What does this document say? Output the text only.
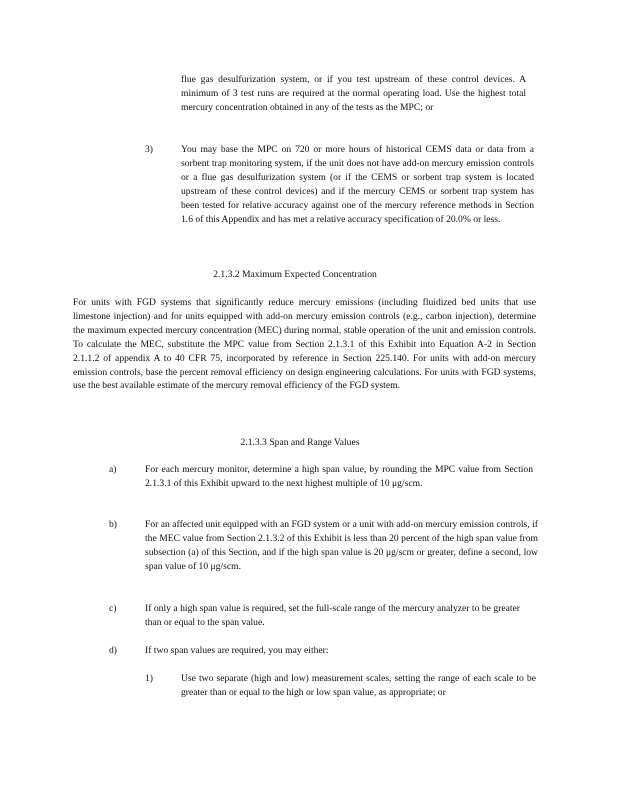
flue gas desulfurization system, or if you test upstream of these control devices. A minimum of 3 test runs are required at the normal operating load. Use the highest total mercury concentration obtained in any of the tests as the MPC; or

3)	You may base the MPC on 720 or more hours of historical CEMS data or data from a sorbent trap monitoring system, if the unit does not have add-on mercury emission controls or a flue gas desulfurization system (or if the CEMS or sorbent trap system is located upstream of these control devices) and if the mercury CEMS or sorbent trap system has been tested for relative accuracy against one of the mercury reference methods in Section 1.6 of this Appendix and has met a relative accuracy specification of 20.0% or less.

2.1.3.2 Maximum Expected Concentration

For units with FGD systems that significantly reduce mercury emissions (including fluidized bed units that use limestone injection) and for units equipped with add-on mercury emission controls (e.g., carbon injection), determine the maximum expected mercury concentration (MEC) during normal, stable operation of the unit and emission controls. To calculate the MEC, substitute the MPC value from Section 2.1.3.1 of this Exhibit into Equation A-2 in Section 2.1.1.2 of appendix A to 40 CFR 75, incorporated by reference in Section 225.140. For units with add-on mercury emission controls, base the percent removal efficiency on design engineering calculations. For units with FGD systems, use the best available estimate of the mercury removal efficiency of the FGD system.

2.1.3.3 Span and Range Values
a)	For each mercury monitor, determine a high span value, by rounding the MPC value from Section 2.1.3.1 of this Exhibit upward to the next highest multiple of 10 μg/scm.

b)	For an affected unit equipped with an FGD system or a unit with add-on mercury emission controls, if the MEC value from Section 2.1.3.2 of this Exhibit is less than 20 percent of the high span value from subsection (a) of this Section, and if the high span value is 20 μg/scm or greater, define a second, low span value of 10 μg/scm.

c)	If only a high span value is required, set the full-scale range of the mercury analyzer to be greater than or equal to the span value.

d)	If two span values are required, you may either:

1)	Use two separate (high and low) measurement scales, setting the range of each scale to be greater than or equal to the high or low span value, as appropriate; or
